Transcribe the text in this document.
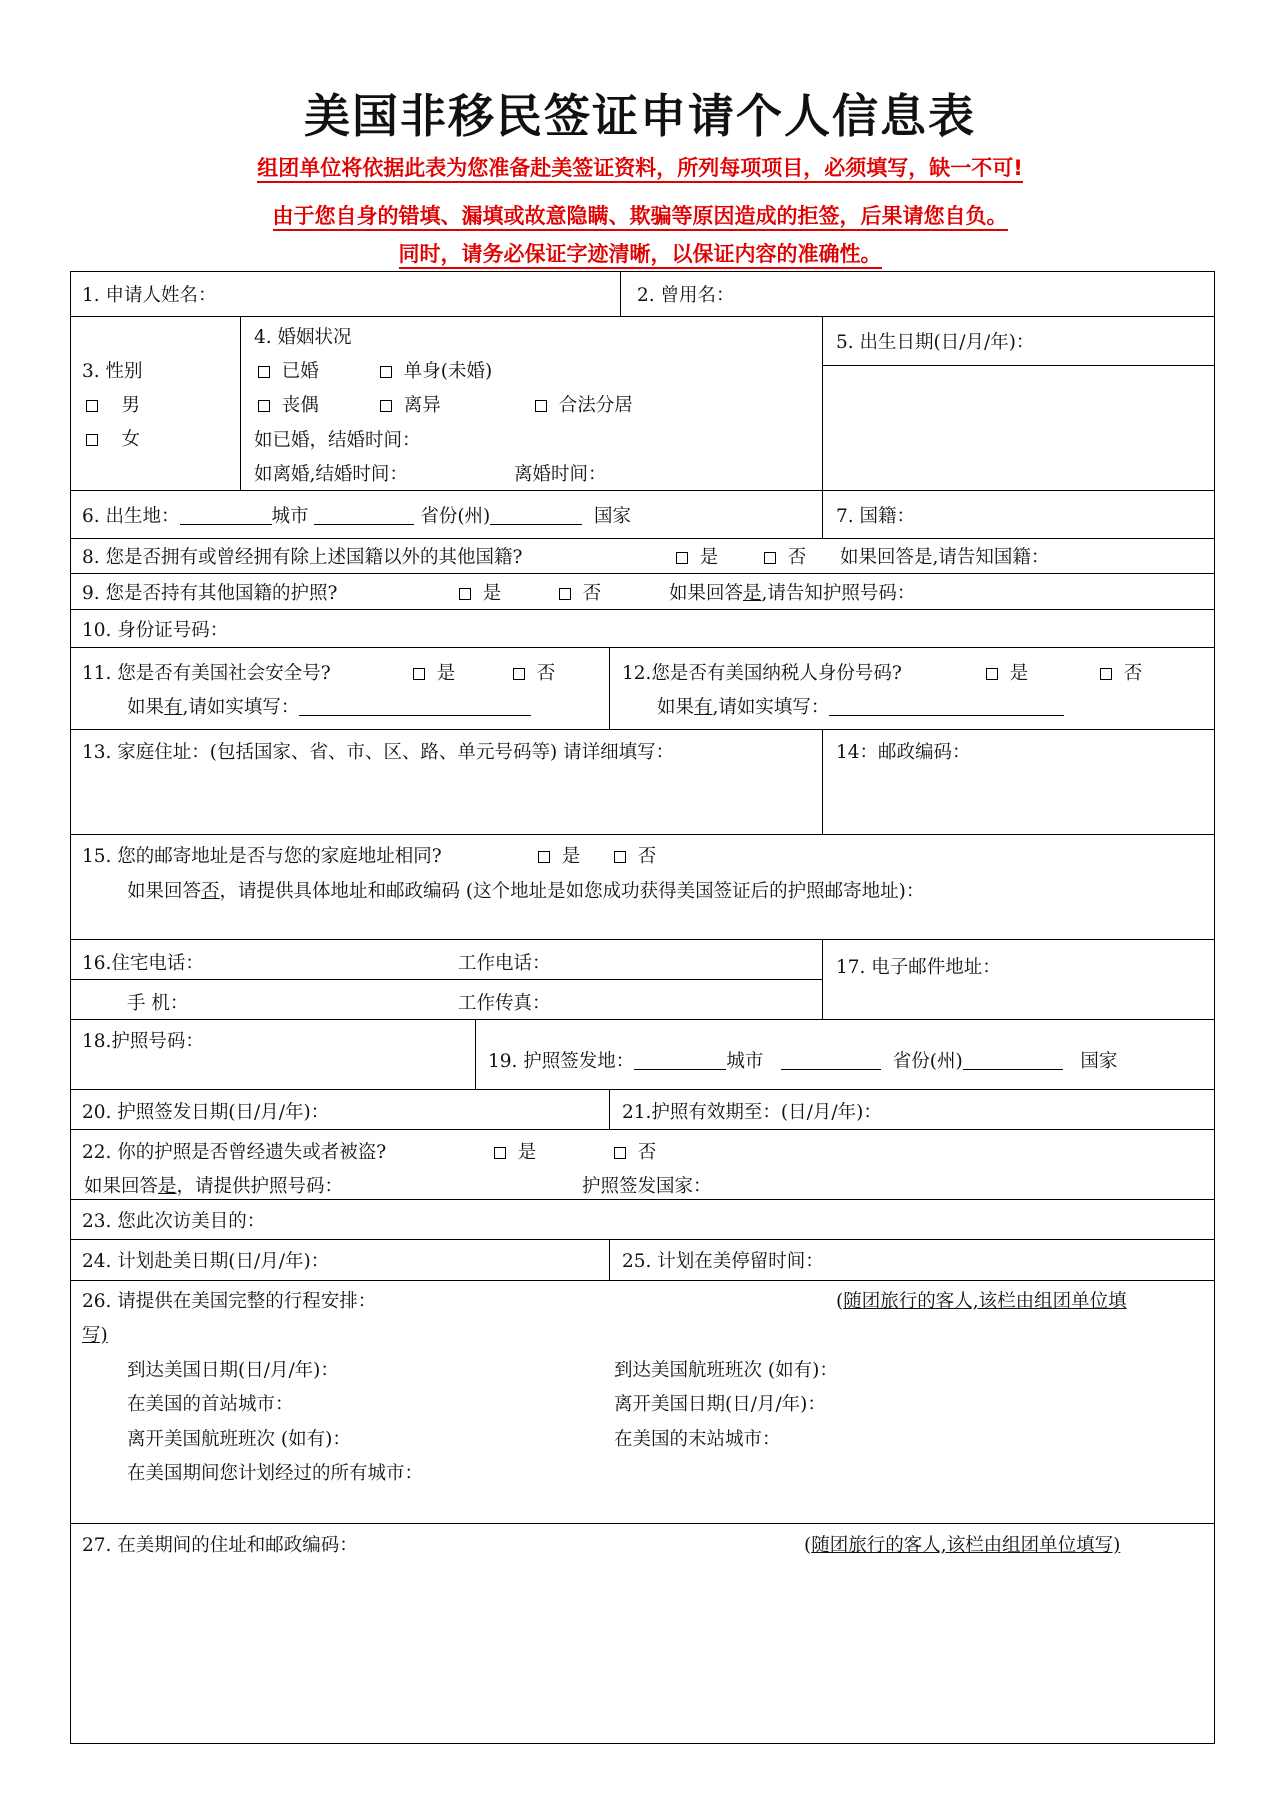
美国非移民签证申请个人信息表
组团单位将依据此表为您准备赴美签证资料，所列每项项目，必须填写，缺一不可!
由于您自身的错填、漏填或故意隐瞒、欺骗等原因造成的拒签，后果请您自负。
同时，请务必保证字迹清晰，以保证内容的准确性。
1. 申请人姓名：	2. 曾用名：
3. 性别
男
女
4. 婚姻状况
已婚	单身(未婚)
丧偶	离异	合法分居
如已婚，结婚时间：
如离婚,结婚时间：	离婚时间：
5. 出生日期(日/月/年)：
6. 出生地：	城市	省份(州)	国家	7. 国籍：
8. 您是否拥有或曾经拥有除上述国籍以外的其他国籍?	是	否 如果回答是,请告知国籍：
9. 您是否持有其他国籍的护照?	是	否	如果回答是,请告知护照号码：
10. 身份证号码：
11. 您是否有美国社会安全号?	是	否
如果有,请如实填写：
12.您是否有美国纳税人身份号码?	是	否
如果有,请如实填写：
13. 家庭住址：(包括国家、省、市、区、路、单元号码等) 请详细填写：	14：邮政编码：
15. 您的邮寄地址是否与您的家庭地址相同?	是	否
如果回答否，请提供具体地址和邮政编码 (这个地址是如您成功获得美国签证后的护照邮寄地址)：
16.住宅电话：	工作电话：
手 机：	工作传真：
17. 电子邮件地址：
18.护照号码：
19. 护照签发地：	城市	省份(州)	国家
20. 护照签发日期(日/月/年)：	21.护照有效期至：(日/月/年)：
22. 你的护照是否曾经遗失或者被盗?	是	否
如果回答是，请提供护照号码：	护照签发国家：
23. 您此次访美目的：
24. 计划赴美日期(日/月/年)：	25. 计划在美停留时间：
26. 请提供在美国完整的行程安排：	(随团旅行的客人,该栏由组团单位填
写)
到达美国日期(日/月/年)：	到达美国航班班次 (如有)：
在美国的首站城市：	离开美国日期(日/月/年)：
离开美国航班班次 (如有)：	在美国的末站城市：
在美国期间您计划经过的所有城市：
27. 在美期间的住址和邮政编码：	(随团旅行的客人,该栏由组团单位填写)
